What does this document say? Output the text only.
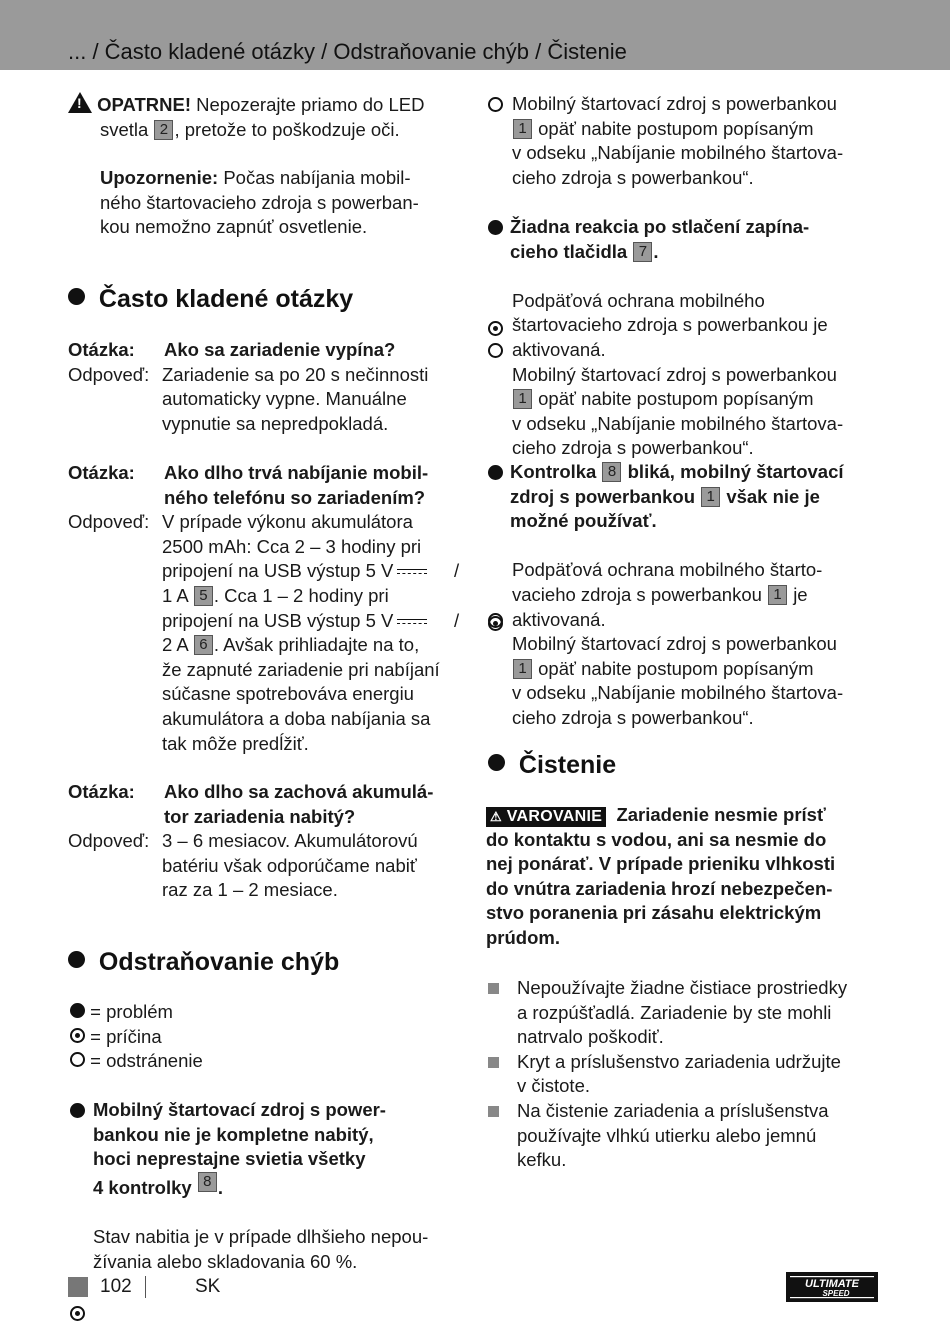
... / Často kladené otázky / Odstraňovanie chýb / Čistenie

! OPATRNE! Nepozerajte priamo do LED

svetla 2 , pretože to poškodzuje oči.

Upozornenie: Počas nabíjania mobil-

ného štartovacieho zdroja s powerban-

kou nemožno zapnúť osvetlenie.

Často kladené otázky

Otázka:	Ako sa zariadenie vypína?

Odpoveď: Zariadenie sa po 20 s nečinnosti

automaticky vypne. Manuálne

vypnutie sa nepredpokladá.

Otázka:	Ako dlho trvá nabíjanie mobil-

ného telefónu so zariadením?

Odpoveď: V prípade výkonu akumulátora

2500 mAh: Cca 2 – 3 hodiny pri

pripojení na USB výstup 5 V	/

1 A 5 . Cca 1 – 2 hodiny pri

pripojení na USB výstup 5 V	/

2 A 6 . Avšak prihliadajte na to,

že zapnuté zariadenie pri nabíjaní

súčasne spotrebováva energiu

akumulátora a doba nabíjania sa

tak môže predĺžiť.

Otázka:	Ako dlho sa zachová akumulá-

tor zariadenia nabitý?

Odpoveď: 3 – 6 mesiacov. Akumulátorovú

batériu však odporúčame nabiť

raz za 1 – 2 mesiace.

Odstraňovanie chýb

= problém

= príčina

= odstránenie

Mobilný štartovací zdroj s power-

bankou nie je kompletne nabitý,

hoci neprestajne svietia všetky

4 kontrolky 8 .

Stav nabitia je v prípade dlhšieho nepou-

žívania alebo skladovania 60 %.

Mobilný štartovací zdroj s powerbankou

1 opäť nabite postupom popísaným

v odseku „Nabíjanie mobilného štartova-

cieho zdroja s powerbankou“.

Žiadna reakcia po stlačení zapína-

cieho tlačidla 7 .

Podpäťová ochrana mobilného

štartovacieho zdroja s powerbankou je

aktivovaná.

Mobilný štartovací zdroj s powerbankou

1 opäť nabite postupom popísaným

v odseku „Nabíjanie mobilného štartova-

cieho zdroja s powerbankou“.

Kontrolka 8 bliká, mobilný štartovací

zdroj s powerbankou 1 však nie je

možné používať.

Podpäťová ochrana mobilného štarto-

vacieho zdroja s powerbankou 1 je

aktivovaná.

Mobilný štartovací zdroj s powerbankou

1 opäť nabite postupom popísaným

v odseku „Nabíjanie mobilného štartova-

cieho zdroja s powerbankou“.

Čistenie

⚠ VAROVANIE Zariadenie nesmie prísť

do kontaktu s vodou, ani sa nesmie do

nej ponárať. V prípade prieniku vlhkosti

do vnútra zariadenia hrozí nebezpečen-

stvo poranenia pri zásahu elektrickým

prúdom.

Nepoužívajte žiadne čistiace prostriedky

a rozpúšťadlá. Zariadenie by ste mohli

natrvalo poškodiť.

Kryt a príslušenstvo zariadenia udržujte

v čistote.

Na čistenie zariadenia a príslušenstva

používajte vlhkú utierku alebo jemnú

kefku.

102	SK	ULTIMATE
SPEED
